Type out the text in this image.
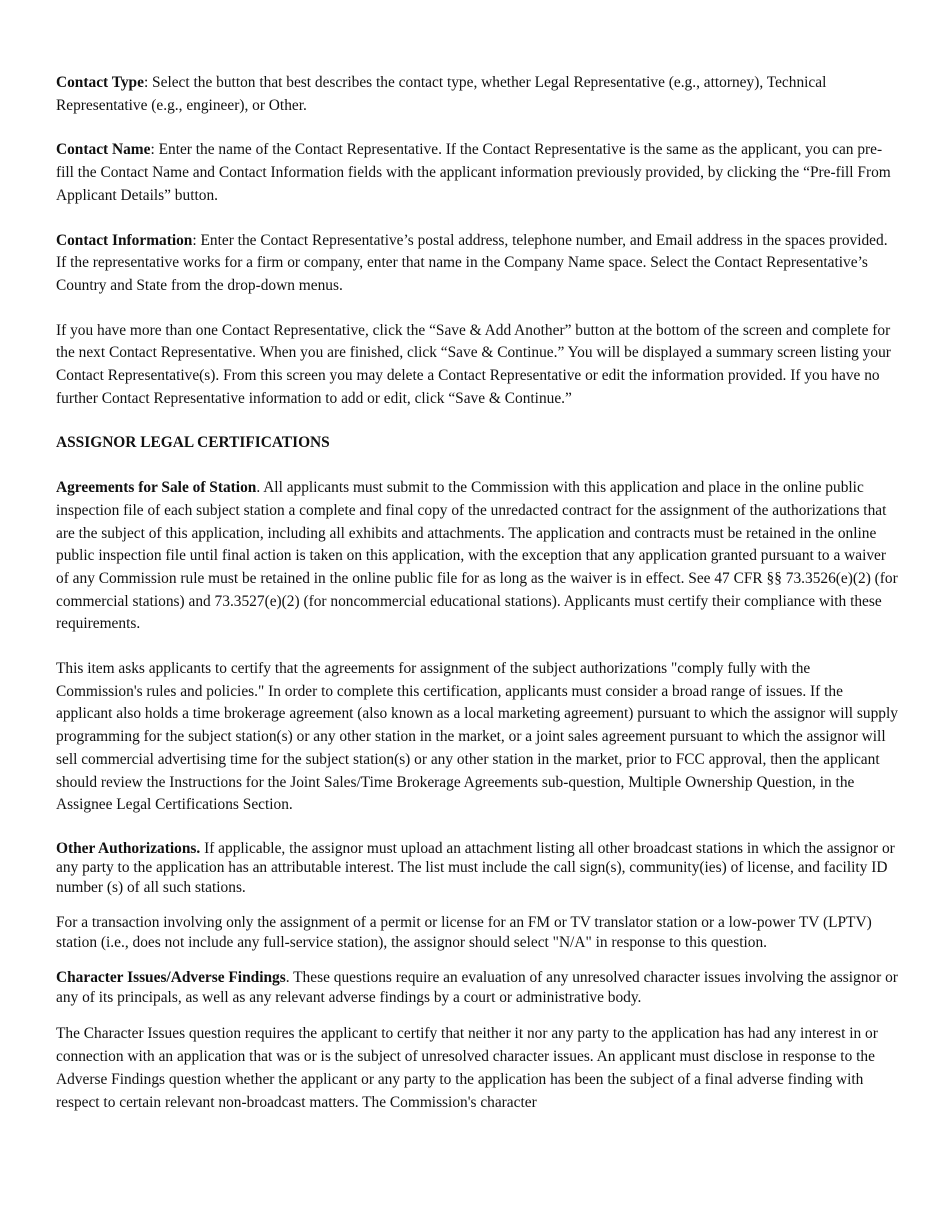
Contact Type: Select the button that best describes the contact type, whether Legal Representative (e.g., attorney), Technical Representative (e.g., engineer), or Other.

Contact Name: Enter the name of the Contact Representative. If the Contact Representative is the same as the applicant, you can pre-fill the Contact Name and Contact Information fields with the applicant information previously provided, by clicking the “Pre-fill From Applicant Details” button.

Contact Information: Enter the Contact Representative’s postal address, telephone number, and Email address in the spaces provided. If the representative works for a firm or company, enter that name in the Company Name space. Select the Contact Representative’s Country and State from the drop-down menus.

If you have more than one Contact Representative, click the “Save & Add Another” button at the bottom of the screen and complete for the next Contact Representative. When you are finished, click “Save & Continue.” You will be displayed a summary screen listing your Contact Representative(s). From this screen you may delete a Contact Representative or edit the information provided. If you have no further Contact Representative information to add or edit, click “Save & Continue.”

ASSIGNOR LEGAL CERTIFICATIONS

Agreements for Sale of Station. All applicants must submit to the Commission with this application and place in the online public inspection file of each subject station a complete and final copy of the unredacted contract for the assignment of the authorizations that are the subject of this application, including all exhibits and attachments. The application and contracts must be retained in the online public inspection file until final action is taken on this application, with the exception that any application granted pursuant to a waiver of any Commission rule must be retained in the online public file for as long as the waiver is in effect. See 47 CFR §§ 73.3526(e)(2) (for commercial stations) and 73.3527(e)(2) (for noncommercial educational stations). Applicants must certify their compliance with these requirements.

This item asks applicants to certify that the agreements for assignment of the subject authorizations "comply fully with the Commission's rules and policies." In order to complete this certification, applicants must consider a broad range of issues. If the applicant also holds a time brokerage agreement (also known as a local marketing agreement) pursuant to which the assignor will supply programming for the subject station(s) or any other station in the market, or a joint sales agreement pursuant to which the assignor will sell commercial advertising time for the subject station(s) or any other station in the market, prior to FCC approval, then the applicant should review the Instructions for the Joint Sales/Time Brokerage Agreements sub-question, Multiple Ownership Question, in the Assignee Legal Certifications Section.

Other Authorizations. If applicable, the assignor must upload an attachment listing all other broadcast stations in which the assignor or any party to the application has an attributable interest. The list must include the call sign(s), community(ies) of license, and facility ID number (s) of all such stations.

For a transaction involving only the assignment of a permit or license for an FM or TV translator station or a low-power TV (LPTV) station (i.e., does not include any full-service station), the assignor should select "N/A" in response to this question.

Character Issues/Adverse Findings. These questions require an evaluation of any unresolved character issues involving the assignor or any of its principals, as well as any relevant adverse findings by a court or administrative body.

The Character Issues question requires the applicant to certify that neither it nor any party to the application has had any interest in or connection with an application that was or is the subject of unresolved character issues. An applicant must disclose in response to the Adverse Findings question whether the applicant or any party to the application has been the subject of a final adverse finding with respect to certain relevant non-broadcast matters. The Commission's character
